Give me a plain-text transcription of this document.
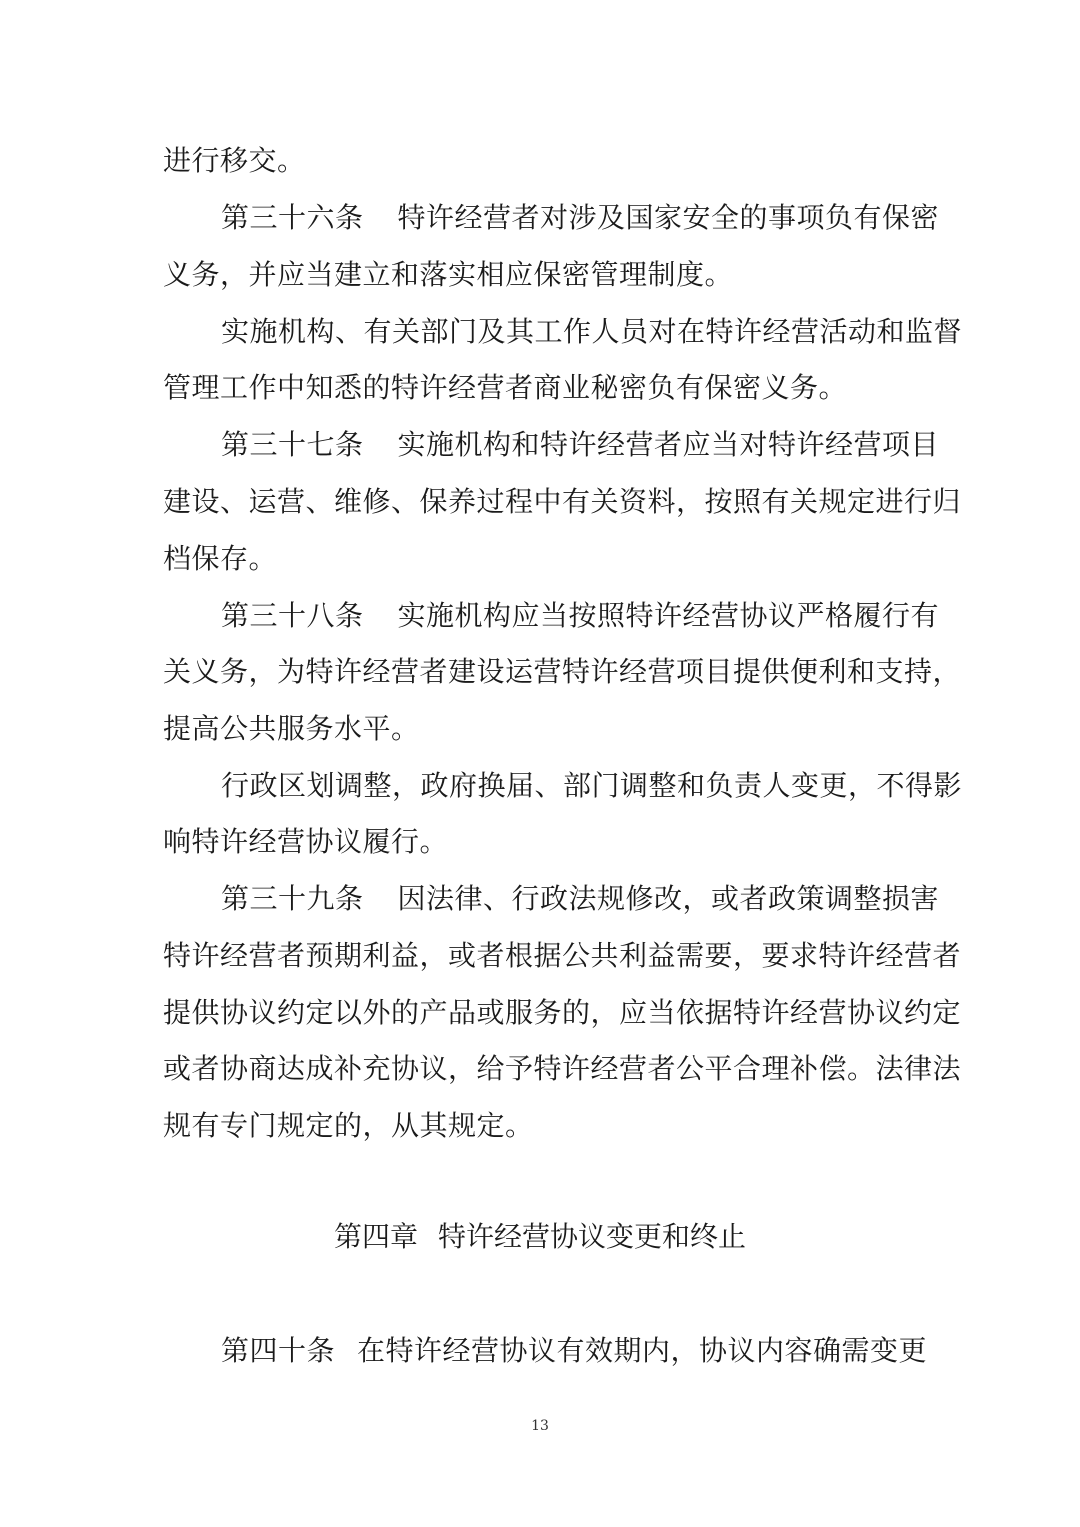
进行移交。
第三十六条 特许经营者对涉及国家安全的事项负有保密
义务，并应当建立和落实相应保密管理制度。
实施机构、有关部门及其工作人员对在特许经营活动和监督
管理工作中知悉的特许经营者商业秘密负有保密义务。
第三十七条 实施机构和特许经营者应当对特许经营项目
建设、运营、维修、保养过程中有关资料，按照有关规定进行归
档保存。
第三十八条 实施机构应当按照特许经营协议严格履行有
关义务，为特许经营者建设运营特许经营项目提供便利和支持，
提高公共服务水平。
行政区划调整，政府换届、部门调整和负责人变更，不得影
响特许经营协议履行。
第三十九条 因法律、行政法规修改，或者政策调整损害
特许经营者预期利益，或者根据公共利益需要，要求特许经营者
提供协议约定以外的产品或服务的，应当依据特许经营协议约定
或者协商达成补充协议，给予特许经营者公平合理补偿。法律法
规有专门规定的，从其规定。
第四章 特许经营协议变更和终止
第四十条 在特许经营协议有效期内，协议内容确需变更
13
